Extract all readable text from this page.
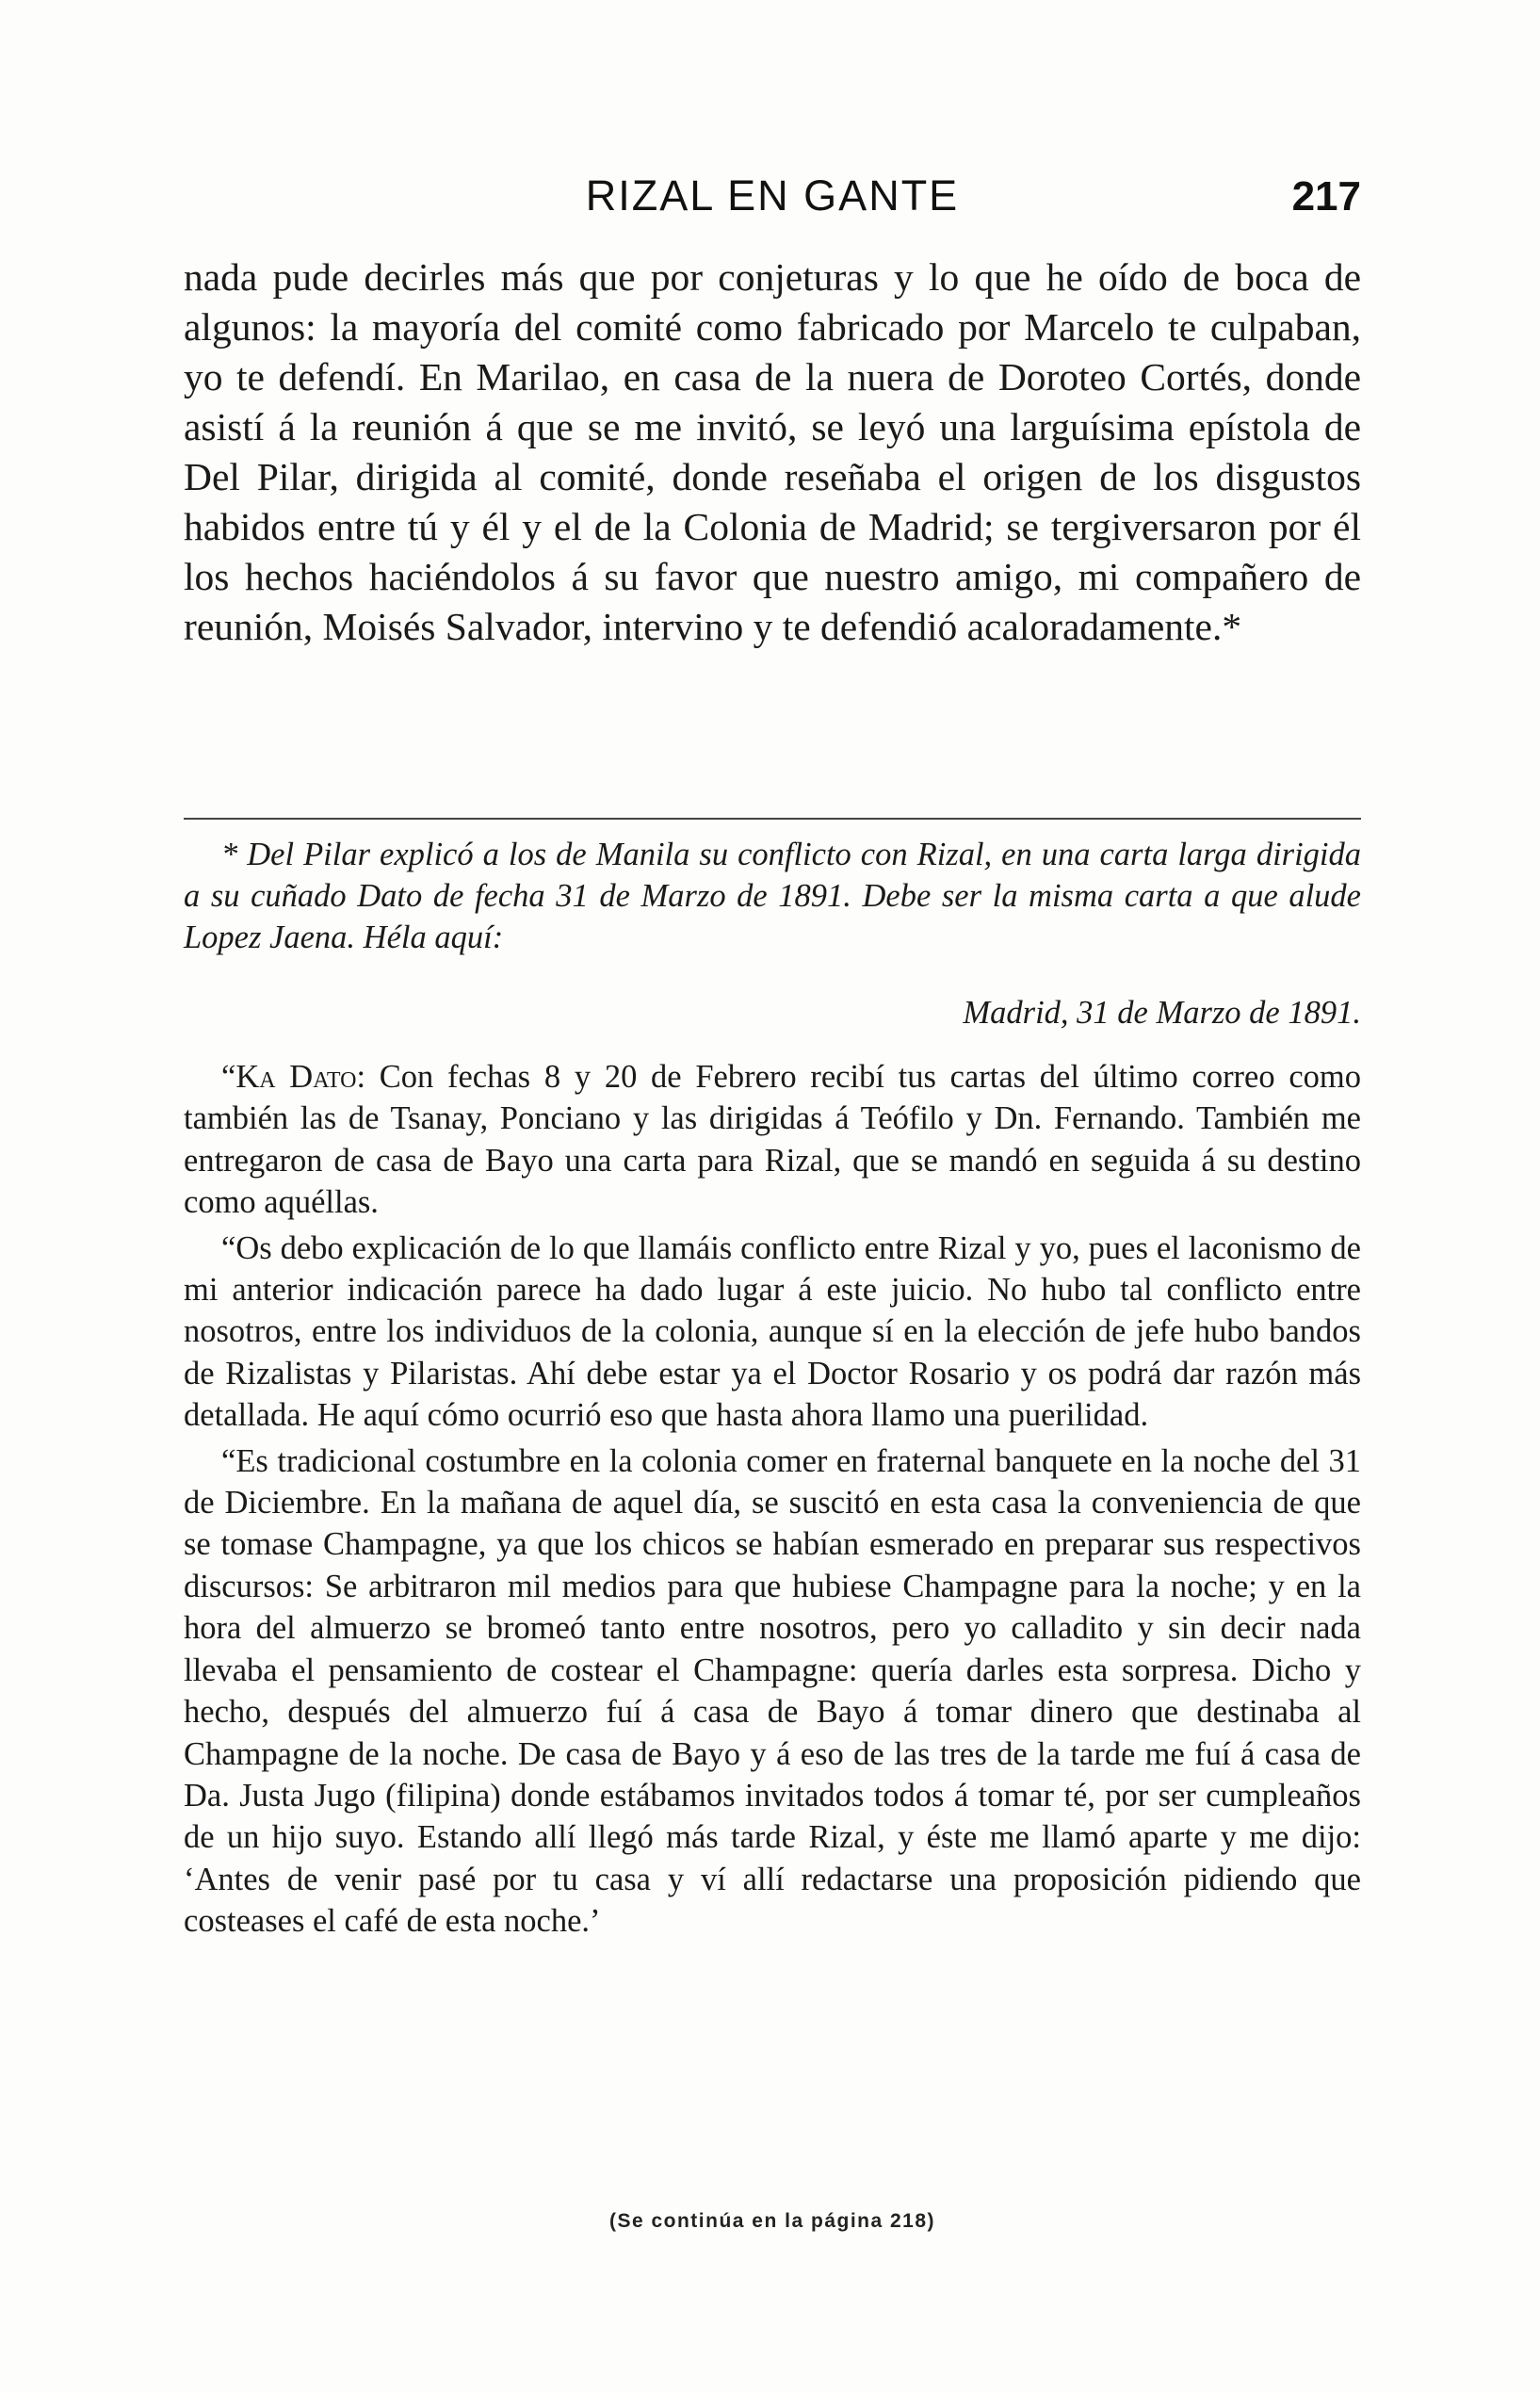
RIZAL EN GANTE	217

nada pude decirles más que por conjeturas y lo que he oído de boca de algunos: la mayoría del comité como fabricado por Marcelo te culpaban, yo te defendí. En Marilao, en casa de la nuera de Doroteo Cortés, donde asistí á la reunión á que se me invitó, se leyó una larguísima epístola de Del Pilar, dirigida al comité, donde reseñaba el origen de los disgustos habidos entre tú y él y el de la Colonia de Madrid; se tergiversaron por él los hechos haciéndolos á su favor que nuestro amigo, mi compañero de reunión, Moisés Salvador, intervino y te defendió acaloradamente.*

* Del Pilar explicó a los de Manila su conflicto con Rizal, en una carta larga dirigida a su cuñado Dato de fecha 31 de Marzo de 1891. Debe ser la misma carta a que alude Lopez Jaena. Héla aquí:

Madrid, 31 de Marzo de 1891.

“Ka Dato: Con fechas 8 y 20 de Febrero recibí tus cartas del último correo como también las de Tsanay, Ponciano y las dirigidas á Teófilo y Dn. Fernando. También me entregaron de casa de Bayo una carta para Rizal, que se mandó en seguida á su destino como aquéllas.

“Os debo explicación de lo que llamáis conflicto entre Rizal y yo, pues el laconismo de mi anterior indicación parece ha dado lugar á este juicio. No hubo tal conflicto entre nosotros, entre los individuos de la colonia, aunque sí en la elección de jefe hubo bandos de Rizalistas y Pilaristas. Ahí debe estar ya el Doctor Rosario y os podrá dar razón más detallada. He aquí cómo ocurrió eso que hasta ahora llamo una puerilidad.

“Es tradicional costumbre en la colonia comer en fraternal banquete en la noche del 31 de Diciembre. En la mañana de aquel día, se suscitó en esta casa la conveniencia de que se tomase Champagne, ya que los chicos se habían esmerado en preparar sus respectivos discursos: Se arbitraron mil medios para que hubiese Champagne para la noche; y en la hora del almuerzo se bromeó tanto entre nosotros, pero yo calladito y sin decir nada llevaba el pensamiento de costear el Champagne: quería darles esta sorpresa. Dicho y hecho, después del almuerzo fuí á casa de Bayo á tomar dinero que destinaba al Champagne de la noche. De casa de Bayo y á eso de las tres de la tarde me fuí á casa de Da. Justa Jugo (filipina) donde estábamos invitados todos á tomar té, por ser cumpleaños de un hijo suyo. Estando allí llegó más tarde Rizal, y éste me llamó aparte y me dijo: ‘Antes de venir pasé por tu casa y ví allí redactarse una proposición pidiendo que costeases el café de esta noche.’

(Se continúa en la página 218)
